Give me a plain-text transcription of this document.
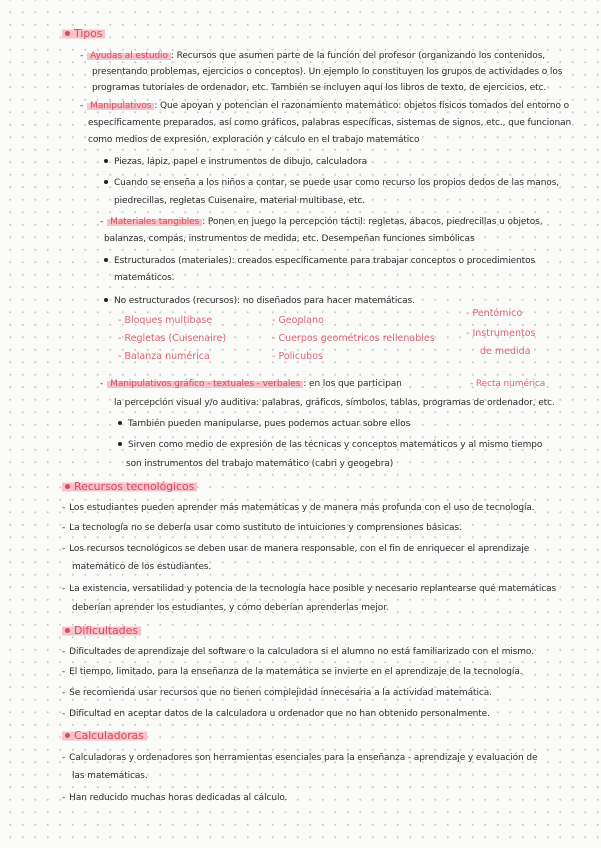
Tipos
- Ayudas al estudio : Recursos que asumen parte de la función del profesor (organizando los contenidos,
presentando problemas, ejercicios o conceptos). Un ejemplo lo constituyen los grupos de actividades o los
programas tutoriales de ordenador, etc. También se incluyen aquí los libros de texto, de ejercicios, etc.
- Manipulativos : Que apoyan y potencian el razonamiento matemático: objetos físicos tomados del entorno o
específicamente preparados, así como gráficos, palabras específicas, sistemas de signos, etc., que funcionan
como medios de expresión, exploración y cálculo en el trabajo matemático
Piezas, lápiz, papel e instrumentos de dibujo, calculadora
Cuando se enseña a los niños a contar, se puede usar como recurso los propios dedos de las manos,
piedrecillas, regletas Cuisenaire, material multibase, etc.
- Materiales tangibles : Ponen en juego la percepción táctil: regletas, ábacos, piedrecillas u objetos,
balanzas, compás, instrumentos de medida, etc. Desempeñan funciones simbólicas
Estructurados (materiales): creados específicamente para trabajar conceptos o procedimientos
matemáticos.
No estructurados (recursos): no diseñados para hacer matemáticas.
- Bloques multibase
- Regletas (Cuisenaire)
- Balanza numérica
- Geoplano
- Cuerpos geométricos rellenables
- Policubos
- Pentómico
- Instrumentos
de medida
- Manipulativos gráfico - textuales - verbales : en los que participan	- Recta numérica
la percepción visual y/o auditiva: palabras, gráficos, símbolos, tablas, programas de ordenador, etc.
También pueden manipularse, pues podemos actuar sobre ellos
Sirven como medio de expresión de las técnicas y conceptos matemáticos y al mismo tiempo
son instrumentos del trabajo matemático (cabri y geogebra)
Recursos tecnológicos
- Los estudiantes pueden aprender más matemáticas y de manera más profunda con el uso de tecnología.
- La tecnología no se debería usar como sustituto de intuiciones y comprensiones básicas.
- Los recursos tecnológicos se deben usar de manera responsable, con el fin de enriquecer el aprendizaje
matemático de los estudiantes.
- La existencia, versatilidad y potencia de la tecnología hace posible y necesario replantearse qué matemáticas
deberían aprender los estudiantes, y cómo deberían aprenderlas mejor.
Dificultades
- Dificultades de aprendizaje del software o la calculadora si el alumno no está familiarizado con el mismo.
- El tiempo, limitado, para la enseñanza de la matemática se invierte en el aprendizaje de la tecnología.
- Se recomienda usar recursos que no tienen complejidad innecesaria a la actividad matemática.
- Dificultad en aceptar datos de la calculadora u ordenador que no han obtenido personalmente.
Calculadoras
- Calculadoras y ordenadores son herramientas esenciales para la enseñanza - aprendizaje y evaluación de
las matemáticas.
- Han reducido muchas horas dedicadas al cálculo.
